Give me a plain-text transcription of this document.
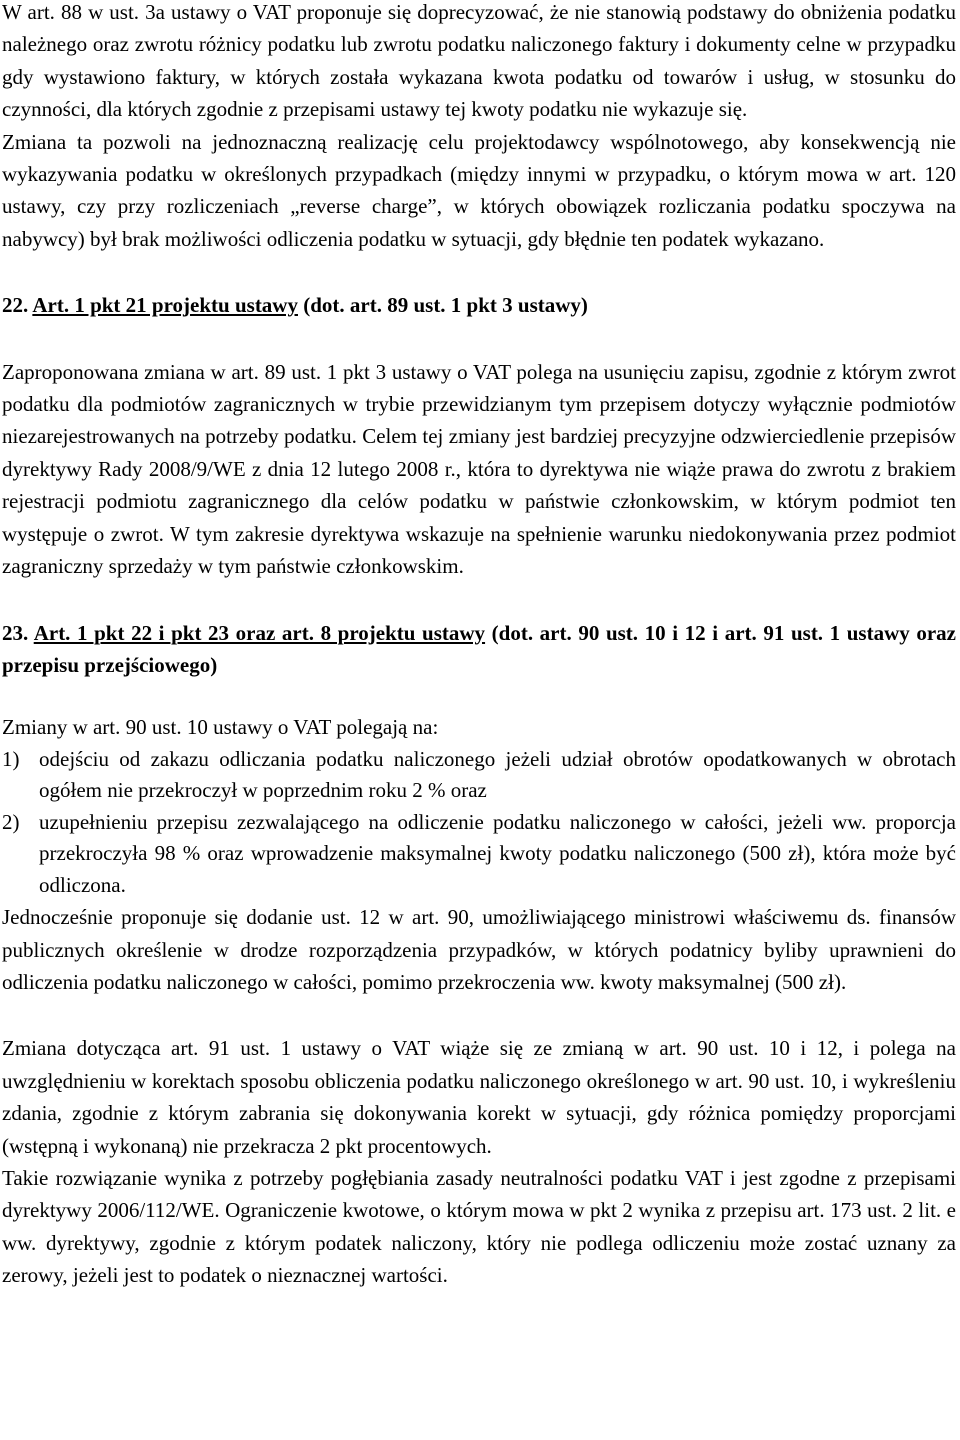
W art. 88 w ust. 3a ustawy o VAT proponuje się doprecyzować, że nie stanowią podstawy do obniżenia podatku należnego oraz zwrotu różnicy podatku lub zwrotu podatku naliczonego faktury i dokumenty celne w przypadku gdy wystawiono faktury, w których została wykazana kwota podatku od towarów i usług, w stosunku do czynności, dla których zgodnie z przepisami ustawy tej kwoty podatku nie wykazuje się.

Zmiana ta pozwoli na jednoznaczną realizację celu projektodawcy wspólnotowego, aby konsekwencją nie wykazywania podatku w określonych przypadkach (między innymi w przypadku, o którym mowa w art. 120 ustawy, czy przy rozliczeniach „reverse charge”, w których obowiązek rozliczania podatku spoczywa na nabywcy) był brak możliwości odliczenia podatku w sytuacji, gdy błędnie ten podatek wykazano.

22. Art. 1 pkt 21 projektu ustawy (dot. art. 89 ust. 1 pkt 3 ustawy)

Zaproponowana zmiana w art. 89 ust. 1 pkt 3 ustawy o VAT polega na usunięciu zapisu, zgodnie z którym zwrot podatku dla podmiotów zagranicznych w trybie przewidzianym tym przepisem dotyczy wyłącznie podmiotów niezarejestrowanych na potrzeby podatku. Celem tej zmiany jest bardziej precyzyjne odzwierciedlenie przepisów dyrektywy Rady 2008/9/WE z dnia 12 lutego 2008 r., która to dyrektywa nie wiąże prawa do zwrotu z brakiem rejestracji podmiotu zagranicznego dla celów podatku w państwie członkowskim, w którym podmiot ten występuje o zwrot. W tym zakresie dyrektywa wskazuje na spełnienie warunku niedokonywania przez podmiot zagraniczny sprzedaży w tym państwie członkowskim.

23. Art. 1 pkt 22 i pkt 23 oraz art. 8 projektu ustawy (dot. art. 90 ust. 10 i 12 i art. 91 ust. 1 ustawy oraz przepisu przejściowego)

Zmiany w art. 90 ust. 10 ustawy o VAT polegają na:

1) odejściu od zakazu odliczania podatku naliczonego jeżeli udział obrotów opodatkowanych w obrotach ogółem nie przekroczył w poprzednim roku 2 % oraz
2) uzupełnieniu przepisu zezwalającego na odliczenie podatku naliczonego w całości, jeżeli ww. proporcja przekroczyła 98 % oraz wprowadzenie maksymalnej kwoty podatku naliczonego (500 zł), która może być odliczona.

Jednocześnie proponuje się dodanie ust. 12 w art. 90, umożliwiającego ministrowi właściwemu ds. finansów publicznych określenie w drodze rozporządzenia przypadków, w których podatnicy byliby uprawnieni do odliczenia podatku naliczonego w całości, pomimo przekroczenia ww. kwoty maksymalnej (500 zł).

Zmiana dotycząca art. 91 ust. 1 ustawy o VAT wiąże się ze zmianą w art. 90 ust. 10 i 12, i polega na uwzględnieniu w korektach sposobu obliczenia podatku naliczonego określonego w art. 90 ust. 10, i wykreśleniu zdania, zgodnie z którym zabrania się dokonywania korekt w sytuacji, gdy różnica pomiędzy proporcjami (wstępną i wykonaną) nie przekracza 2 pkt procentowych.

Takie rozwiązanie wynika z potrzeby pogłębiania zasady neutralności podatku VAT i jest zgodne z przepisami dyrektywy 2006/112/WE. Ograniczenie kwotowe, o którym mowa w pkt 2 wynika z przepisu art. 173 ust. 2 lit. e ww. dyrektywy, zgodnie z którym podatek naliczony, który nie podlega odliczeniu może zostać uznany za zerowy, jeżeli jest to podatek o nieznacznej wartości.
